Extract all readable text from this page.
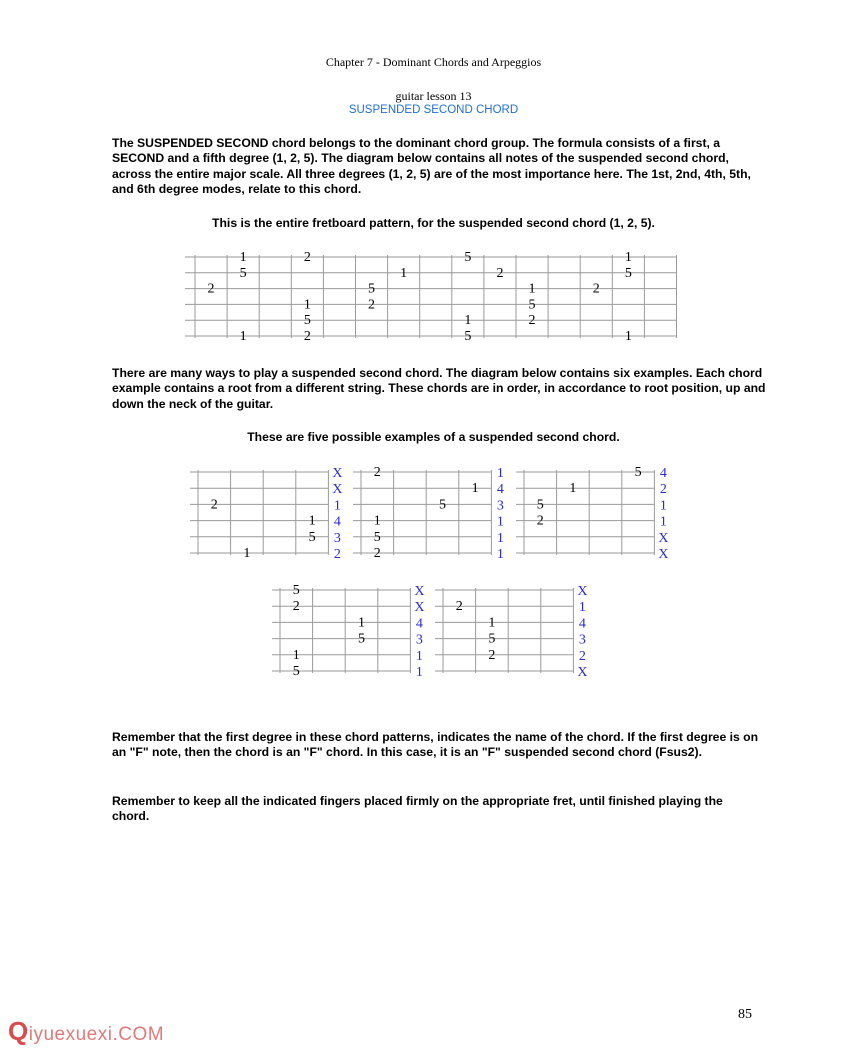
Chapter 7 - Dominant Chords and Arpeggios
guitar lesson 13
SUSPENDED SECOND CHORD
The SUSPENDED SECOND chord belongs to the dominant chord group. The formula consists of a first, a SECOND and a fifth degree (1, 2, 5). The diagram below contains all notes of the suspended second chord, across the entire major scale. All three degrees (1, 2, 5) are of the most importance here. The 1st, 2nd, 4th, 5th, and 6th degree modes, relate to this chord.
This is the entire fretboard pattern, for the suspended second chord (1, 2, 5).
1	2	5	1
5	1	2	5
2	5	1	2
1	2	5
5	1	2
1	2	5	1
2
1
5
1
X
X
1
4
3
2
2
1
5
1
5
2
1
4
3
1
1
1
5
1
5
2
4
2
1
1
X
X
5
2
1
5
1
5
X
X
4
3
1
1
2
1
5
2
X
1
4
3
2
X
There are many ways to play a suspended second chord. The diagram below contains six examples. Each chord example contains a root from a different string. These chords are in order, in accordance to root position, up and down the neck of the guitar.
These are five possible examples of a suspended second chord.
Remember that the first degree in these chord patterns, indicates the name of the chord. If the first degree is on an "F" note, then the chord is an "F" chord. In this case, it is an "F" suspended second chord (Fsus2).
Remember to keep all the indicated fingers placed firmly on the appropriate fret, until finished playing the chord.
85
Qiyuexuexi.COM
